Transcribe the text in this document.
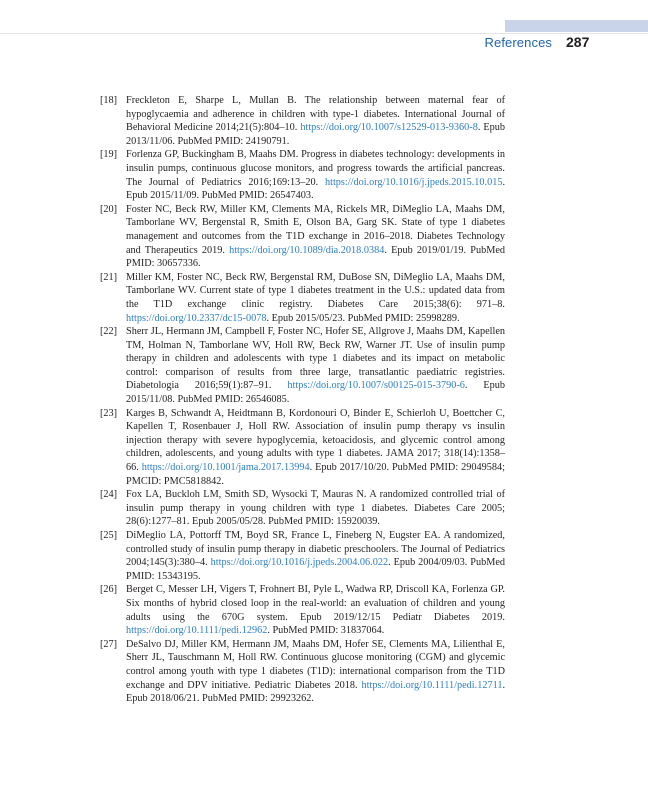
References 287
[18] Freckleton E, Sharpe L, Mullan B. The relationship between maternal fear of hypoglycaemia and adherence in children with type-1 diabetes. International Journal of Behavioral Medicine 2014;21(5):804–10. https://doi.org/10.1007/s12529-013-9360-8. Epub 2013/11/06. PubMed PMID: 24190791.
[19] Forlenza GP, Buckingham B, Maahs DM. Progress in diabetes technology: developments in insulin pumps, continuous glucose monitors, and progress towards the artificial pancreas. The Journal of Pediatrics 2016;169:13–20. https://doi.org/10.1016/j.jpeds.2015.10.015. Epub 2015/11/09. PubMed PMID: 26547403.
[20] Foster NC, Beck RW, Miller KM, Clements MA, Rickels MR, DiMeglio LA, Maahs DM, Tamborlane WV, Bergenstal R, Smith E, Olson BA, Garg SK. State of type 1 diabetes management and outcomes from the T1D exchange in 2016–2018. Diabetes Technology and Therapeutics 2019. https://doi.org/10.1089/dia.2018.0384. Epub 2019/01/19. PubMed PMID: 30657336.
[21] Miller KM, Foster NC, Beck RW, Bergenstal RM, DuBose SN, DiMeglio LA, Maahs DM, Tamborlane WV. Current state of type 1 diabetes treatment in the U.S.: updated data from the T1D exchange clinic registry. Diabetes Care 2015;38(6): 971–8. https://doi.org/10.2337/dc15-0078. Epub 2015/05/23. PubMed PMID: 25998289.
[22] Sherr JL, Hermann JM, Campbell F, Foster NC, Hofer SE, Allgrove J, Maahs DM, Kapellen TM, Holman N, Tamborlane WV, Holl RW, Beck RW, Warner JT. Use of insulin pump therapy in children and adolescents with type 1 diabetes and its impact on metabolic control: comparison of results from three large, transatlantic paediatric registries. Diabetologia 2016;59(1):87–91. https://doi.org/10.1007/s00125-015-3790-6. Epub 2015/11/08. PubMed PMID: 26546085.
[23] Karges B, Schwandt A, Heidtmann B, Kordonouri O, Binder E, Schierloh U, Boettcher C, Kapellen T, Rosenbauer J, Holl RW. Association of insulin pump therapy vs insulin injection therapy with severe hypoglycemia, ketoacidosis, and glycemic control among children, adolescents, and young adults with type 1 diabetes. JAMA 2017; 318(14):1358–66. https://doi.org/10.1001/jama.2017.13994. Epub 2017/10/20. PubMed PMID: 29049584; PMCID: PMC5818842.
[24] Fox LA, Buckloh LM, Smith SD, Wysocki T, Mauras N. A randomized controlled trial of insulin pump therapy in young children with type 1 diabetes. Diabetes Care 2005; 28(6):1277–81. Epub 2005/05/28. PubMed PMID: 15920039.
[25] DiMeglio LA, Pottorff TM, Boyd SR, France L, Fineberg N, Eugster EA. A randomized, controlled study of insulin pump therapy in diabetic preschoolers. The Journal of Pediatrics 2004;145(3):380–4. https://doi.org/10.1016/j.jpeds.2004.06.022. Epub 2004/09/03. PubMed PMID: 15343195.
[26] Berget C, Messer LH, Vigers T, Frohnert BI, Pyle L, Wadwa RP, Driscoll KA, Forlenza GP. Six months of hybrid closed loop in the real-world: an evaluation of children and young adults using the 670G system. Epub 2019/12/15 Pediatr Diabetes 2019. https://doi.org/10.1111/pedi.12962. PubMed PMID: 31837064.
[27] DeSalvo DJ, Miller KM, Hermann JM, Maahs DM, Hofer SE, Clements MA, Lilienthal E, Sherr JL, Tauschmann M, Holl RW. Continuous glucose monitoring (CGM) and glycemic control among youth with type 1 diabetes (T1D): international comparison from the T1D exchange and DPV initiative. Pediatric Diabetes 2018. https://doi.org/10.1111/pedi.12711. Epub 2018/06/21. PubMed PMID: 29923262.
